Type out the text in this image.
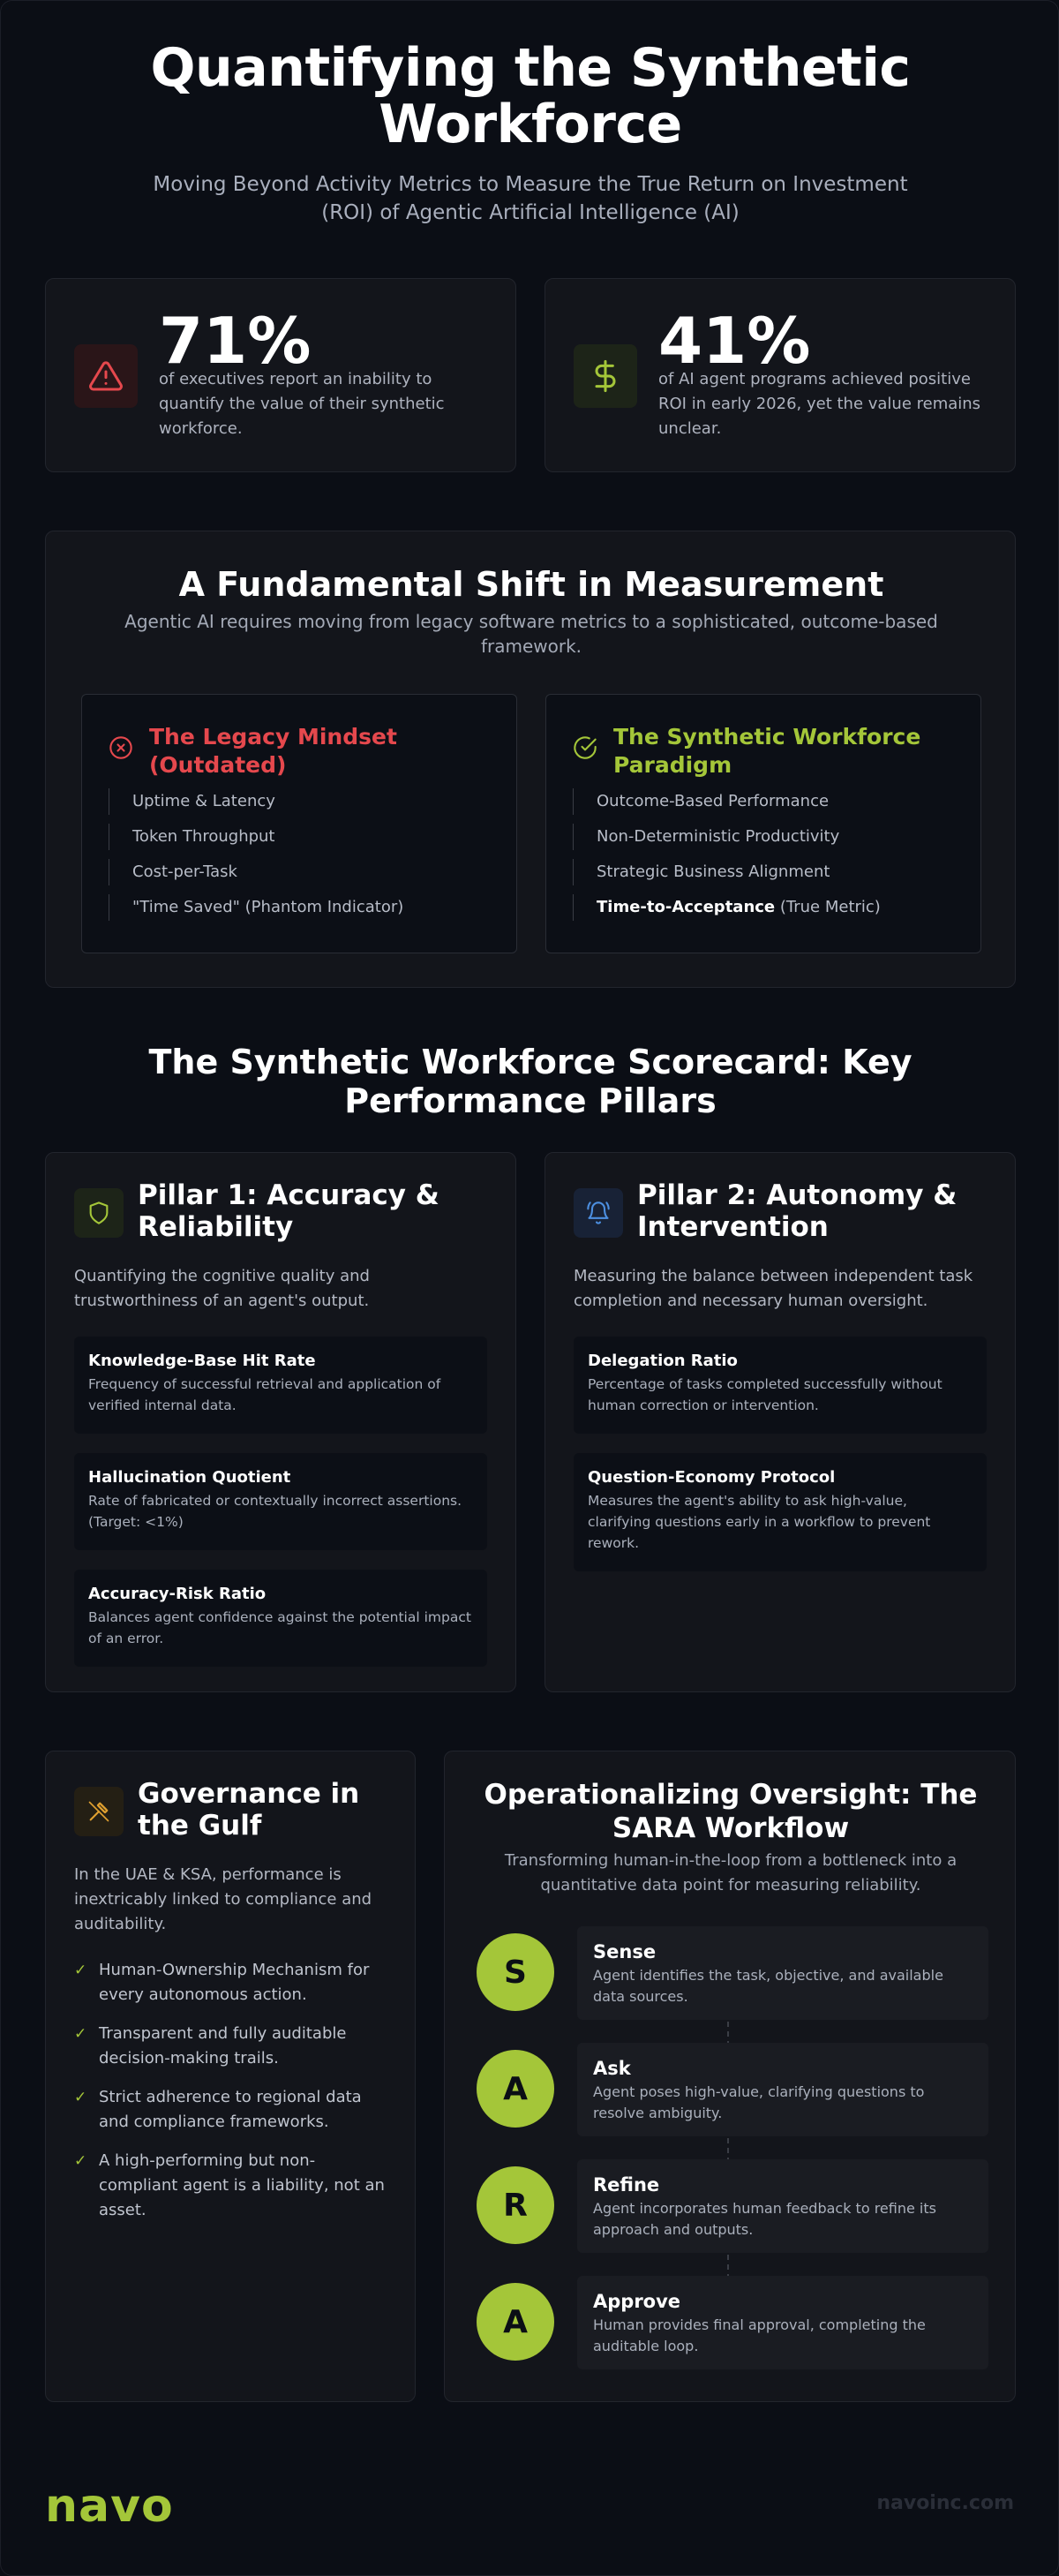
Quantifying the Synthetic Workforce

Moving Beyond Activity Metrics to Measure the True Return on Investment (ROI) of Agentic Artificial Intelligence (AI)

71%
of executives report an inability to quantify the value of their synthetic workforce.
41%
of AI agent programs achieved positive ROI in early 2026, yet the value remains unclear.
A Fundamental Shift in Measurement
Agentic AI requires moving from legacy software metrics to a sophisticated, outcome-based framework.
The Legacy Mindset (Outdated)
Uptime & Latency
Token Throughput
Cost-per-Task
"Time Saved" (Phantom Indicator)
The Synthetic Workforce Paradigm
Outcome-Based Performance
Non-Deterministic Productivity
Strategic Business Alignment
Time-to-Acceptance (True Metric)
The Synthetic Workforce Scorecard: Key Performance Pillars
Pillar 1: Accuracy & Reliability
Quantifying the cognitive quality and trustworthiness of an agent's output.
Knowledge-Base Hit Rate
Frequency of successful retrieval and application of verified internal data.
Hallucination Quotient
Rate of fabricated or contextually incorrect assertions. (Target: <1%)
Accuracy-Risk Ratio
Balances agent confidence against the potential impact of an error.
Pillar 2: Autonomy & Intervention
Measuring the balance between independent task completion and necessary human oversight.
Delegation Ratio
Percentage of tasks completed successfully without human correction or intervention.
Question-Economy Protocol
Measures the agent's ability to ask high-value, clarifying questions early in a workflow to prevent rework.
Governance in the Gulf
In the UAE & KSA, performance is inextricably linked to compliance and auditability.
✓ Human-Ownership Mechanism for every autonomous action.
✓ Transparent and fully auditable decision-making trails.
✓ Strict adherence to regional data and compliance frameworks.
✓ A high-performing but non-compliant agent is a liability, not an asset.
Operationalizing Oversight: The SARA Workflow
Transforming human-in-the-loop from a bottleneck into a quantitative data point for measuring reliability.
S
Sense
Agent identifies the task, objective, and available data sources.
A
Ask
Agent poses high-value, clarifying questions to resolve ambiguity.
R
Refine
Agent incorporates human feedback to refine its approach and outputs.
A
Approve
Human provides final approval, completing the auditable loop.
navo	navoinc.com
